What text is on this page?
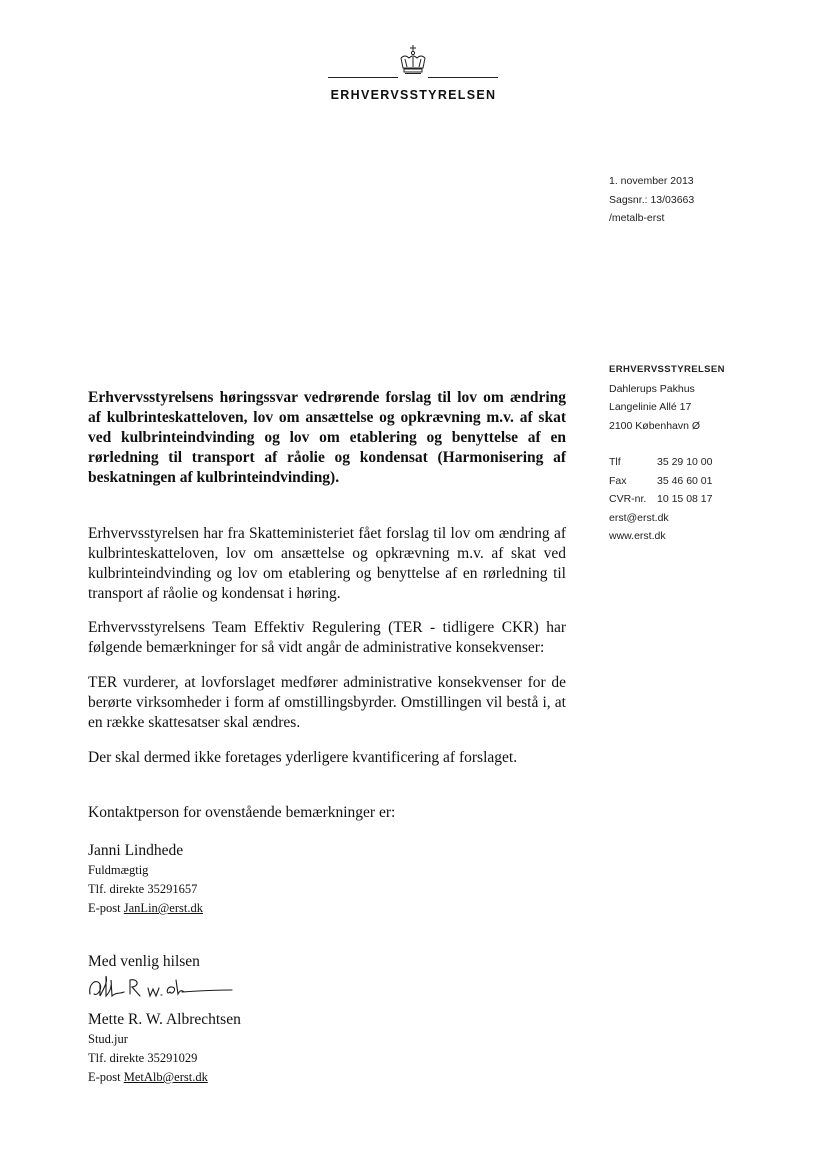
ERHVERVSSTYRELSEN
1. november 2013
Sagsnr.: 13/03663
/metalb-erst
ERHVERVSSTYRELSEN
Dahlerups Pakhus
Langelinie Allé 17
2100 København Ø
Tlf	35 29 10 00
Fax	35 46 60 01
CVR-nr.	10 15 08 17
erst@erst.dk
www.erst.dk
Erhvervsstyrelsens høringssvar vedrørende forslag til lov om ændring af kulbrinteskatteloven, lov om ansættelse og opkrævning m.v. af skat ved kulbrinteindvinding og lov om etablering og benyttelse af en rørledning til transport af råolie og kondensat (Harmonisering af beskatningen af kulbrinteindvinding).
Erhvervsstyrelsen har fra Skatteministeriet fået forslag til lov om ændring af kulbrinteskatteloven, lov om ansættelse og opkrævning m.v. af skat ved kulbrinteindvinding og lov om etablering og benyttelse af en rørledning til transport af råolie og kondensat i høring.
Erhvervsstyrelsens Team Effektiv Regulering (TER - tidligere CKR) har følgende bemærkninger for så vidt angår de administrative konsekvenser:
TER vurderer, at lovforslaget medfører administrative konsekvenser for de berørte virksomheder i form af omstillingsbyrder. Omstillingen vil bestå i, at en række skattesatser skal ændres.
Der skal dermed ikke foretages yderligere kvantificering af forslaget.
Kontaktperson for ovenstående bemærkninger er:
Janni Lindhede
Fuldmægtig
Tlf. direkte 35291657
E-post JanLin@erst.dk
Med venlig hilsen
Mette R. W. Albrechtsen
Stud.jur
Tlf. direkte 35291029
E-post MetAlb@erst.dk
